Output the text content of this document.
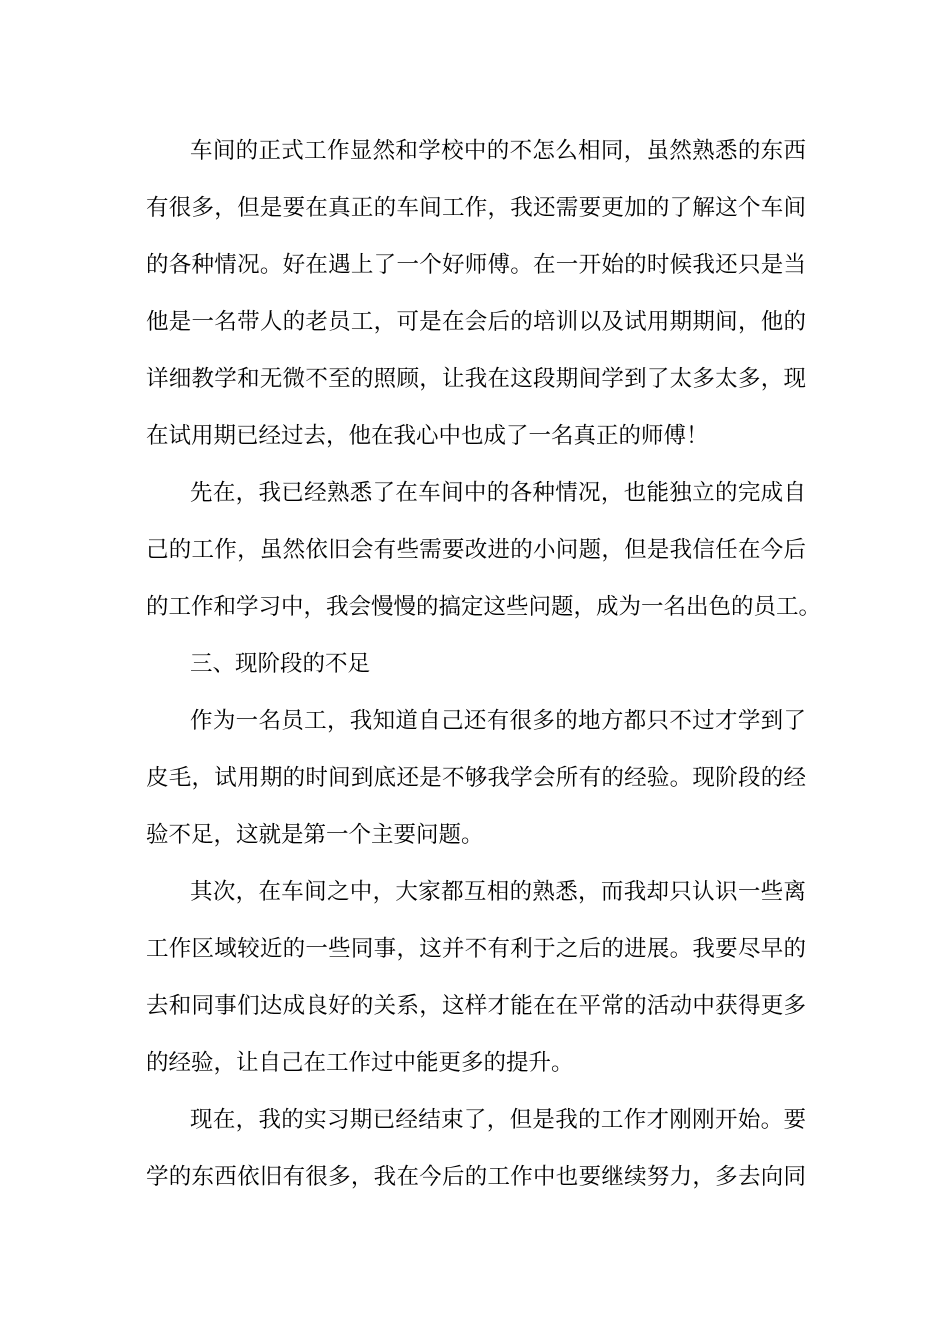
车间的正式工作显然和学校中的不怎么相同，虽然熟悉的东西
有很多，但是要在真正的车间工作，我还需要更加的了解这个车间
的各种情况。好在遇上了一个好师傅。在一开始的时候我还只是当
他是一名带人的老员工，可是在会后的培训以及试用期期间，他的
详细教学和无微不至的照顾，让我在这段期间学到了太多太多，现
在试用期已经过去，他在我心中也成了一名真正的师傅！
先在，我已经熟悉了在车间中的各种情况，也能独立的完成自
己的工作，虽然依旧会有些需要改进的小问题，但是我信任在今后
的工作和学习中，我会慢慢的搞定这些问题，成为一名出色的员工。
三、现阶段的不足
作为一名员工，我知道自己还有很多的地方都只不过才学到了
皮毛，试用期的时间到底还是不够我学会所有的经验。现阶段的经
验不足，这就是第一个主要问题。
其次，在车间之中，大家都互相的熟悉，而我却只认识一些离
工作区域较近的一些同事，这并不有利于之后的进展。我要尽早的
去和同事们达成良好的关系，这样才能在在平常的活动中获得更多
的经验，让自己在工作过中能更多的提升。
现在，我的实习期已经结束了，但是我的工作才刚刚开始。要
学的东西依旧有很多，我在今后的工作中也要继续努力，多去向同
